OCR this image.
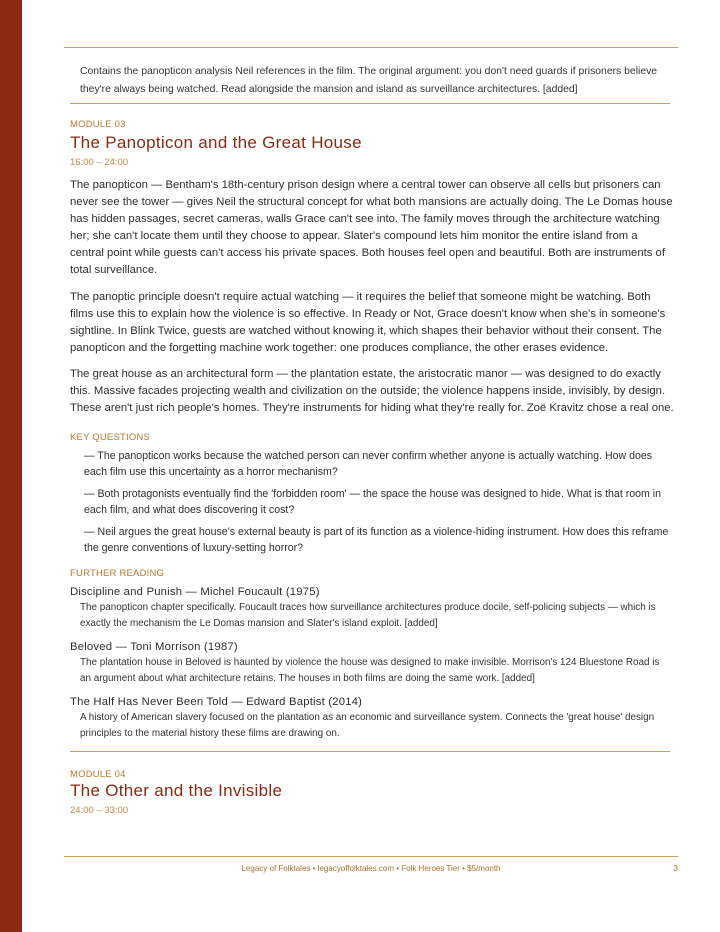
Contains the panopticon analysis Neil references in the film. The original argument: you don't need guards if prisoners believe they're always being watched. Read alongside the mansion and island as surveillance architectures. [added]
MODULE 03
The Panopticon and the Great House
16:00 – 24:00
The panopticon — Bentham's 18th-century prison design where a central tower can observe all cells but prisoners can never see the tower — gives Neil the structural concept for what both mansions are actually doing. The Le Domas house has hidden passages, secret cameras, walls Grace can't see into. The family moves through the architecture watching her; she can't locate them until they choose to appear. Slater's compound lets him monitor the entire island from a central point while guests can't access his private spaces. Both houses feel open and beautiful. Both are instruments of total surveillance.
The panoptic principle doesn't require actual watching — it requires the belief that someone might be watching. Both films use this to explain how the violence is so effective. In Ready or Not, Grace doesn't know when she's in someone's sightline. In Blink Twice, guests are watched without knowing it, which shapes their behavior without their consent. The panopticon and the forgetting machine work together: one produces compliance, the other erases evidence.
The great house as an architectural form — the plantation estate, the aristocratic manor — was designed to do exactly this. Massive facades projecting wealth and civilization on the outside; the violence happens inside, invisibly, by design. These aren't just rich people's homes. They're instruments for hiding what they're really for. Zoë Kravitz chose a real one.
KEY QUESTIONS
— The panopticon works because the watched person can never confirm whether anyone is actually watching. How does each film use this uncertainty as a horror mechanism?
— Both protagonists eventually find the 'forbidden room' — the space the house was designed to hide. What is that room in each film, and what does discovering it cost?
— Neil argues the great house's external beauty is part of its function as a violence-hiding instrument. How does this reframe the genre conventions of luxury-setting horror?
FURTHER READING
Discipline and Punish — Michel Foucault (1975)
The panopticon chapter specifically. Foucault traces how surveillance architectures produce docile, self-policing subjects — which is exactly the mechanism the Le Domas mansion and Slater's island exploit. [added]
Beloved — Toni Morrison (1987)
The plantation house in Beloved is haunted by violence the house was designed to make invisible. Morrison's 124 Bluestone Road is an argument about what architecture retains. The houses in both films are doing the same work. [added]
The Half Has Never Been Told — Edward Baptist (2014)
A history of American slavery focused on the plantation as an economic and surveillance system. Connects the 'great house' design principles to the material history these films are drawing on.
MODULE 04
The Other and the Invisible
24:00 – 33:00
Legacy of Folktales • legacyoffolktales.com • Folk Heroes Tier • $5/month	3
